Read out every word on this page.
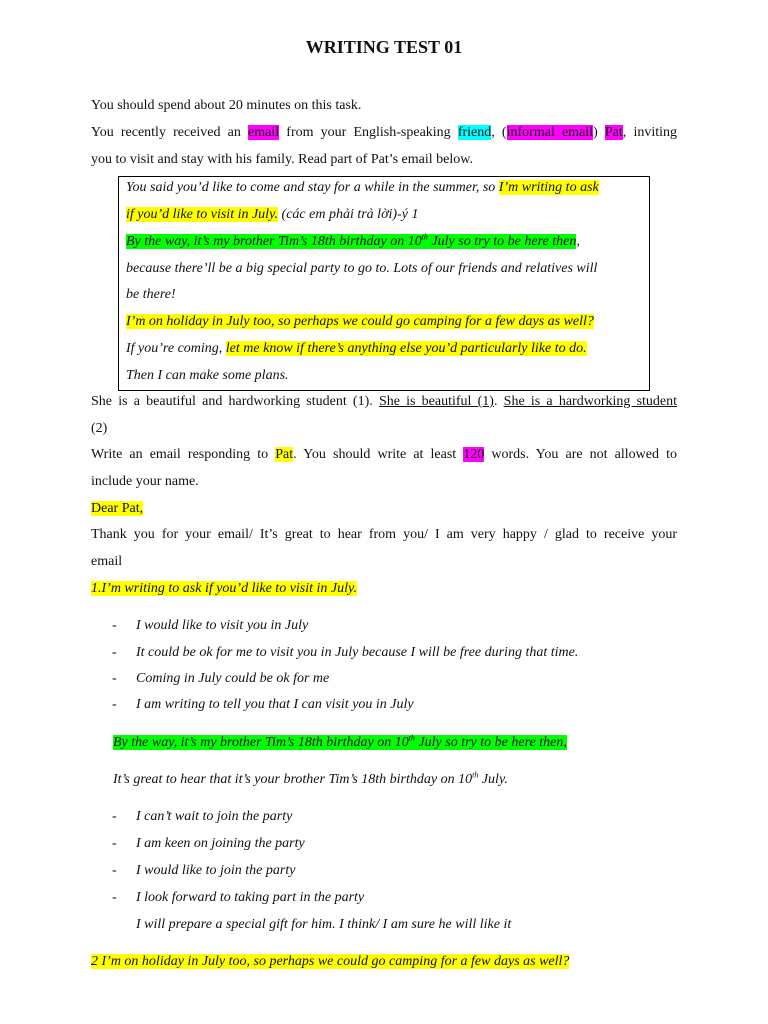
WRITING TEST 01
You should spend about 20 minutes on this task.
You recently received an email from your English-speaking friend, (informal email) Pat, inviting
you to visit and stay with his family. Read part of Pat’s email below.
You said you’d like to come and stay for a while in the summer, so I’m writing to ask
if you’d like to visit in July. (các em phải trả lời)-ý 1
By the way, it’s my brother Tim’s 18th birthday on 10th July so try to be here then,
because there’ll be a big special party to go to. Lots of our friends and relatives will
be there!
I’m on holiday in July too, so perhaps we could go camping for a few days as well?
If you’re coming, let me know if there’s anything else you’d particularly like to do.
Then I can make some plans.
She is a beautiful and hardworking student (1). She is beautiful (1). She is a hardworking student
(2)
Write an email responding to Pat. You should write at least 120 words. You are not allowed to
include your name.
Dear Pat,
Thank you for your email/ It’s great to hear from you/ I am very happy / glad to receive your
email
1.I’m writing to ask if you’d like to visit in July.
- I would like to visit you in July
- It could be ok for me to visit you in July because I will be free during that time.
- Coming in July could be ok for me
- I am writing to tell you that I can visit you in July
By the way, it’s my brother Tim’s 18th birthday on 10th July so try to be here then,
It’s great to hear that it’s your brother Tim’s 18th birthday on 10th July.
- I can’t wait to join the party
- I am keen on joining the party
- I would like to join the party
- I look forward to taking part in the party
I will prepare a special gift for him. I think/ I am sure he will like it
2 I’m on holiday in July too, so perhaps we could go camping for a few days as well?
